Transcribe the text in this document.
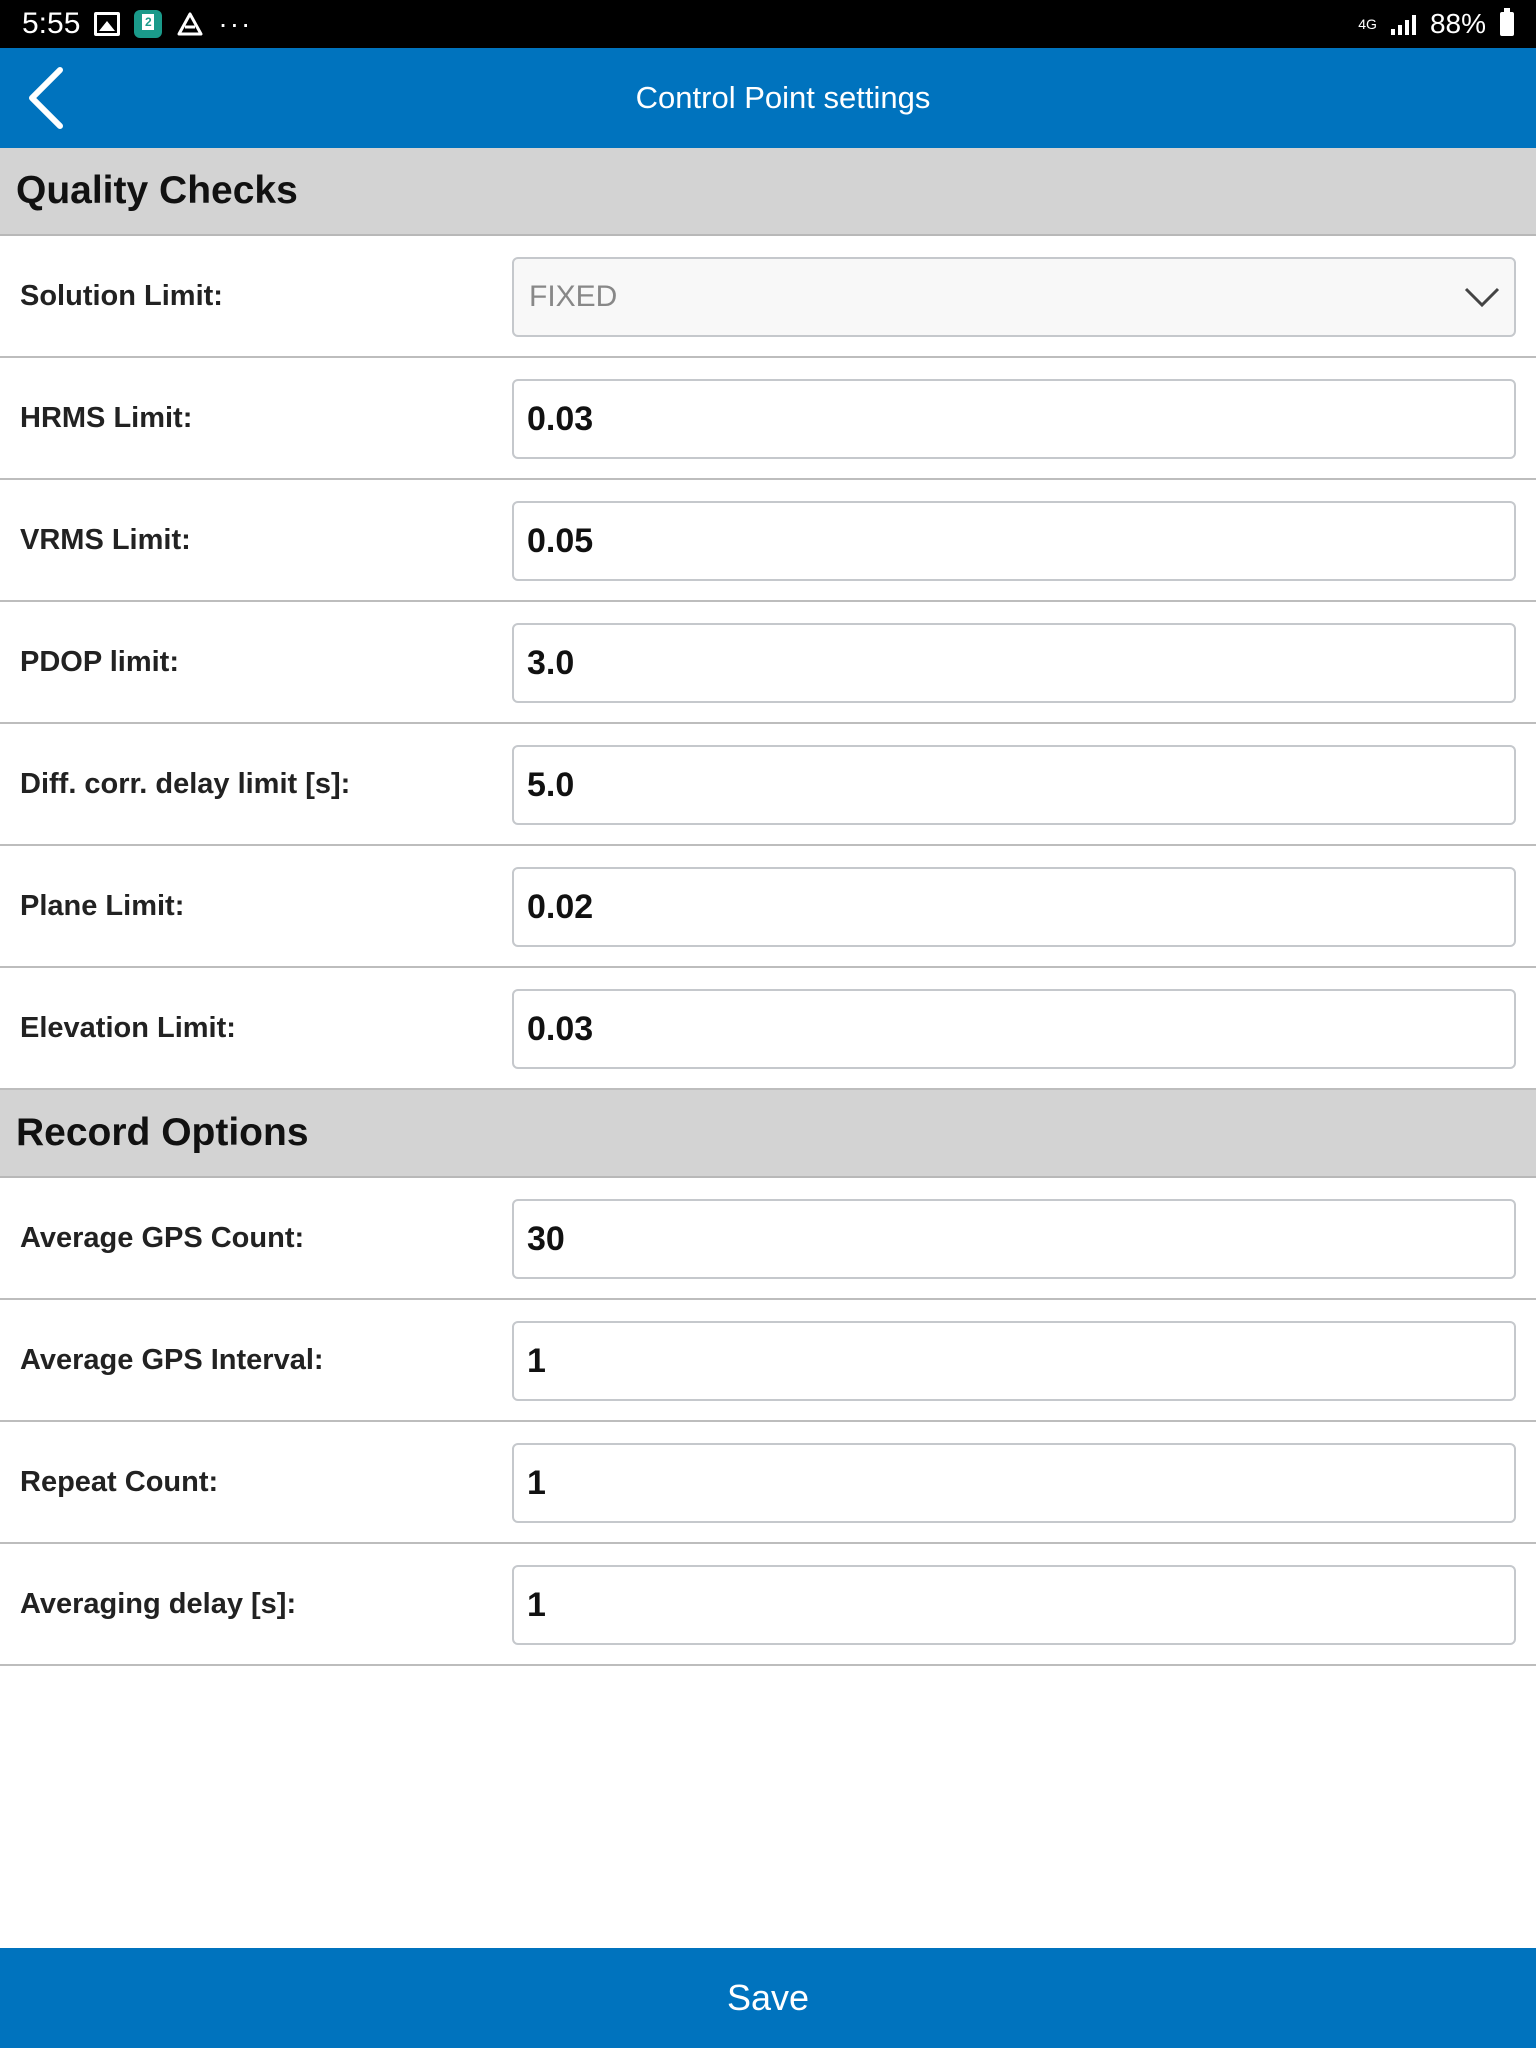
5:55
2	···	4G 88%
Control Point settings
Quality Checks
Solution Limit:	FIXED
HRMS Limit:
0.03
VRMS Limit:
0.05
PDOP limit:
3.0
Diff. corr. delay limit [s]:
5.0
Plane Limit:
0.02
Elevation Limit:
0.03
Record Options
Average GPS Count:
30
Average GPS Interval:
1
Repeat Count:
1
Averaging delay [s]:
1
Save
